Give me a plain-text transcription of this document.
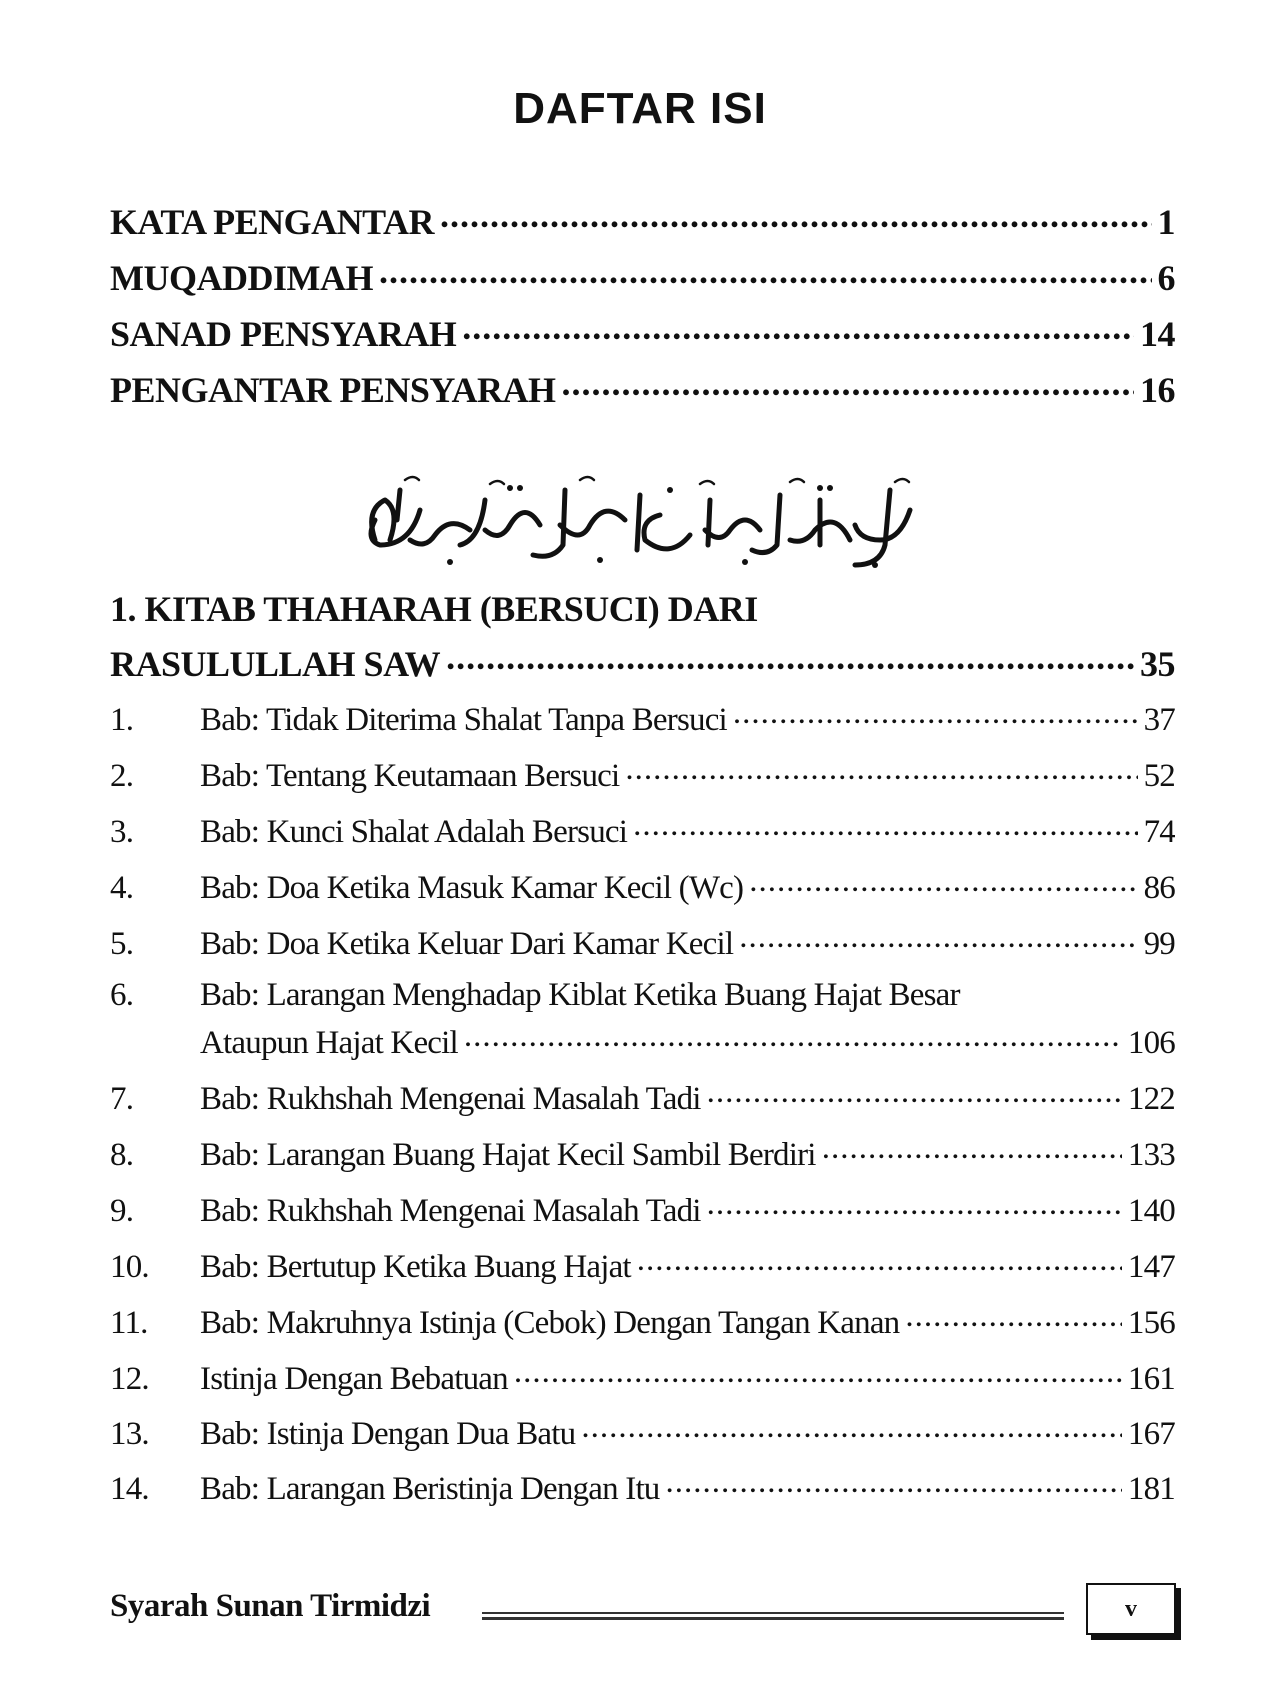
DAFTAR ISI
KATA PENGANTAR .....	1
MUQADDIMAH .....	6
SANAD PENSYARAH .....	14
PENGANTAR PENSYARAH .....	16
1. KITAB THAHARAH (BERSUCI) DARI
RASULULLAH SAW .....	35
1.	Bab: Tidak Diterima Shalat Tanpa Bersuci .....	37
2.	Bab: Tentang Keutamaan Bersuci .....	52
3.	Bab: Kunci Shalat Adalah Bersuci .....	74
4.	Bab: Doa Ketika Masuk Kamar Kecil (Wc) .....	86
5.	Bab: Doa Ketika Keluar Dari Kamar Kecil .....	99
6.	Bab: Larangan Menghadap Kiblat Ketika Buang Hajat Besar
Ataupun Hajat Kecil .....	106
7.	Bab: Rukhshah Mengenai Masalah Tadi .....	122
8.	Bab: Larangan Buang Hajat Kecil Sambil Berdiri .....	133
9.	Bab: Rukhshah Mengenai Masalah Tadi .....	140
10.	Bab: Bertutup Ketika Buang Hajat .....	147
11.	Bab: Makruhnya Istinja (Cebok) Dengan Tangan Kanan .....	156
12.	Istinja Dengan Bebatuan .....	161
13.	Bab: Istinja Dengan Dua Batu .....	167
14.	Bab: Larangan Beristinja Dengan Itu .....	181
Syarah Sunan Tirmidzi	v
